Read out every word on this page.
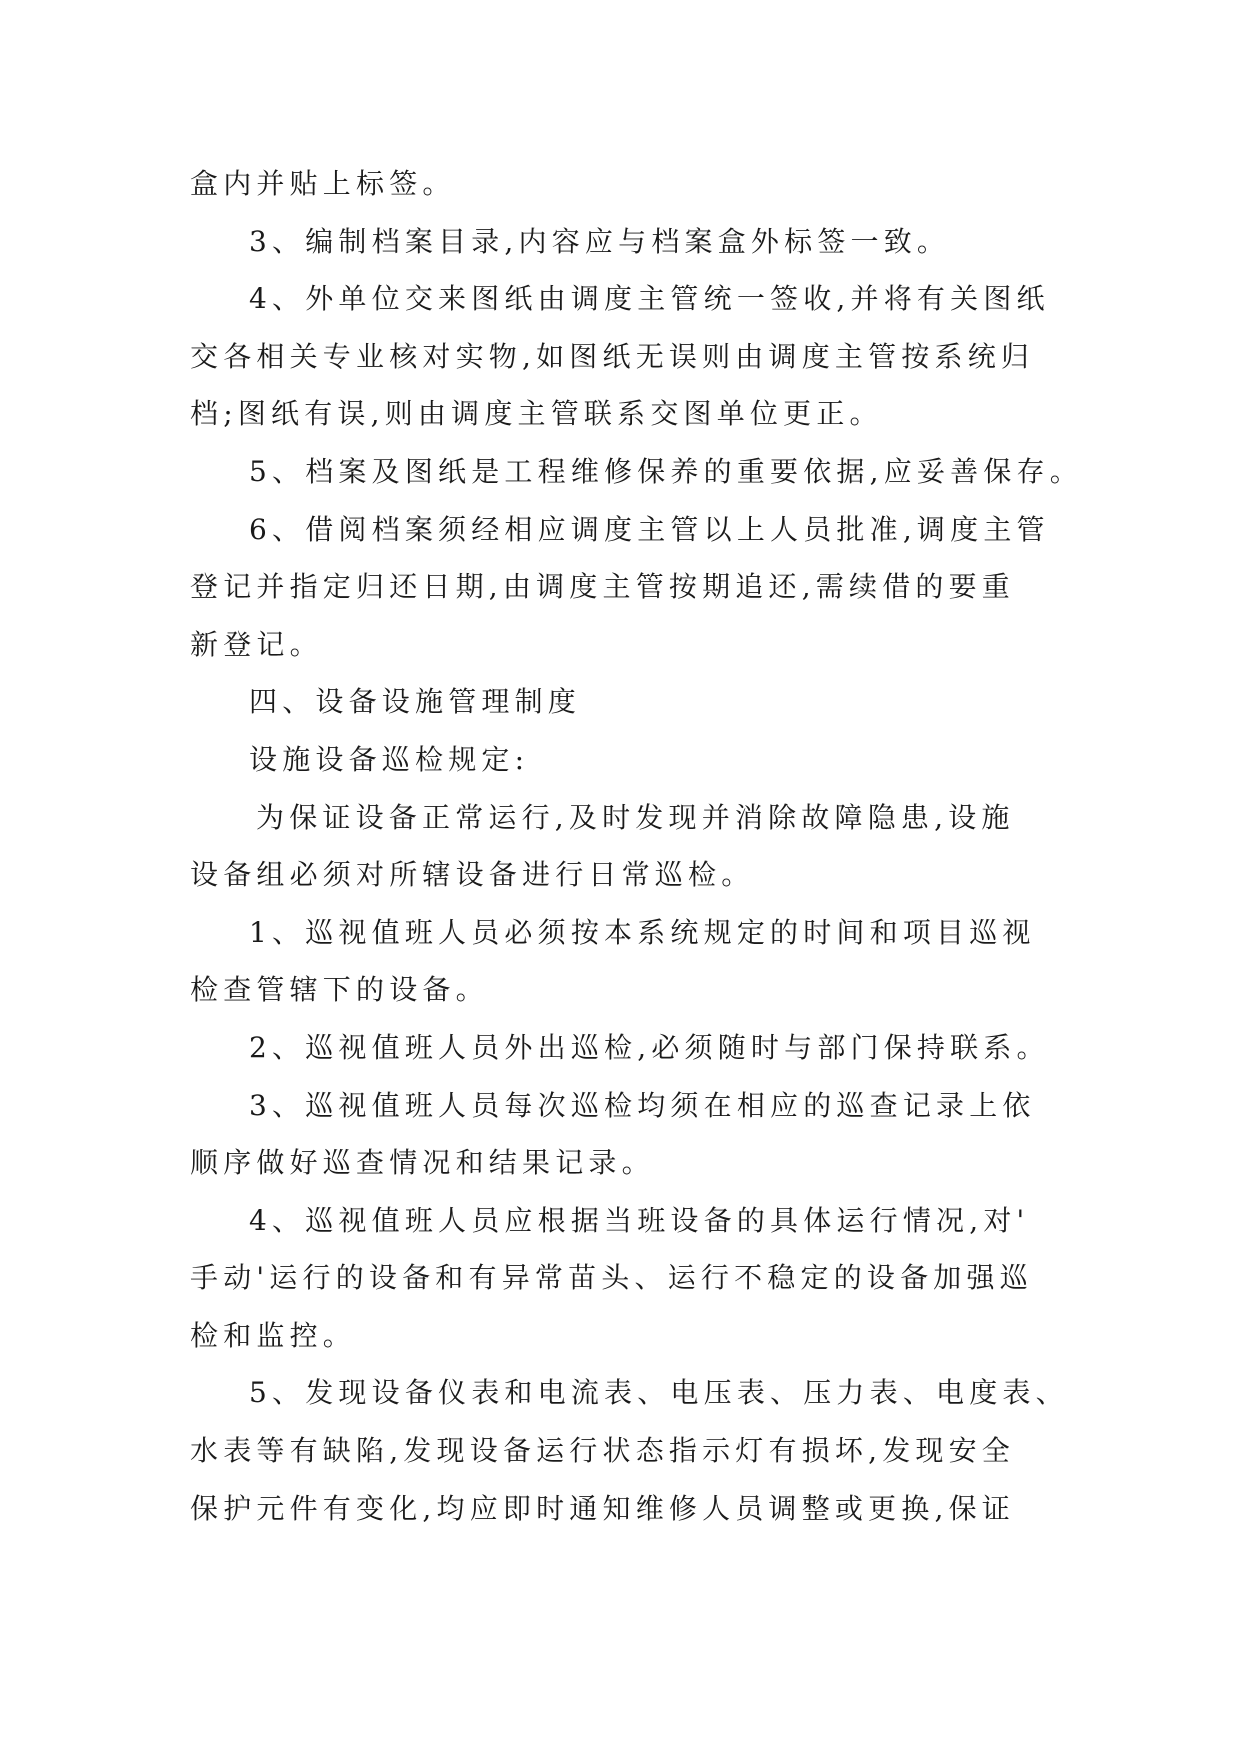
盒内并贴上标签。
3、编制档案目录,内容应与档案盒外标签一致。
4、外单位交来图纸由调度主管统一签收,并将有关图纸
交各相关专业核对实物,如图纸无误则由调度主管按系统归
档;图纸有误,则由调度主管联系交图单位更正。
5、档案及图纸是工程维修保养的重要依据,应妥善保存。
6、借阅档案须经相应调度主管以上人员批准,调度主管
登记并指定归还日期,由调度主管按期追还,需续借的要重
新登记。
四、设备设施管理制度
设施设备巡检规定:
为保证设备正常运行,及时发现并消除故障隐患,设施
设备组必须对所辖设备进行日常巡检。
1、巡视值班人员必须按本系统规定的时间和项目巡视
检查管辖下的设备。
2、巡视值班人员外出巡检,必须随时与部门保持联系。
3、巡视值班人员每次巡检均须在相应的巡查记录上依
顺序做好巡查情况和结果记录。
4、巡视值班人员应根据当班设备的具体运行情况,对'
手动'运行的设备和有异常苗头、运行不稳定的设备加强巡
检和监控。
5、发现设备仪表和电流表、电压表、压力表、电度表、
水表等有缺陷,发现设备运行状态指示灯有损坏,发现安全
保护元件有变化,均应即时通知维修人员调整或更换,保证
